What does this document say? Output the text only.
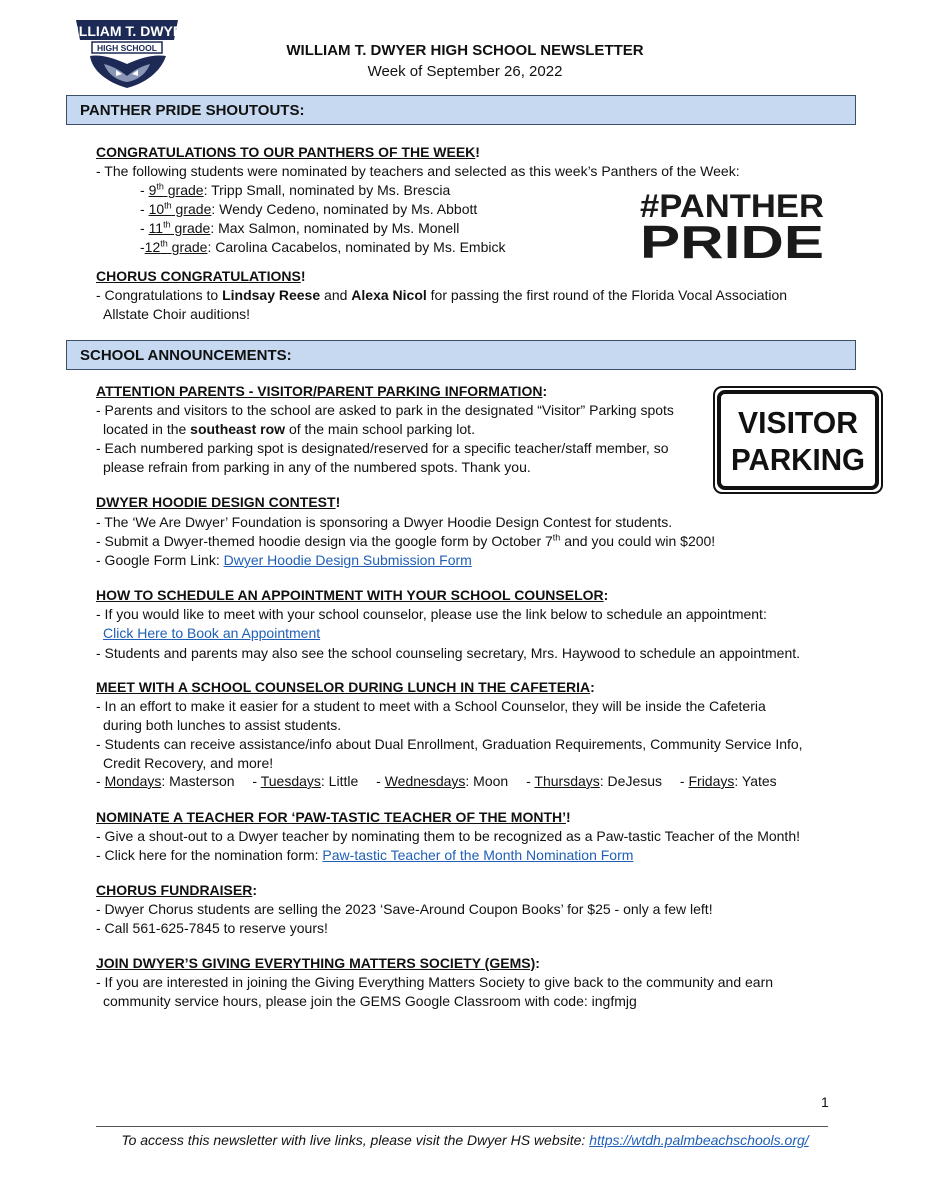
WILLIAM T. DWYER
HIGH SCHOOL	WILLIAM T. DWYER HIGH SCHOOL NEWSLETTER
Week of September 26, 2022
PANTHER PRIDE SHOUTOUTS:
CONGRATULATIONS TO OUR PANTHERS OF THE WEEK!
- The following students were nominated by teachers and selected as this week’s Panthers of the Week:
- 9th grade: Tripp Small, nominated by Ms. Brescia
- 10th grade: Wendy Cedeno, nominated by Ms. Abbott
- 11th grade: Max Salmon, nominated by Ms. Monell
-12th grade: Carolina Cacabelos, nominated by Ms. Embick
#PANTHER
PRIDE
CHORUS CONGRATULATIONS!
- Congratulations to Lindsay Reese and Alexa Nicol for passing the first round of the Florida Vocal Association
Allstate Choir auditions!
SCHOOL ANNOUNCEMENTS:
ATTENTION PARENTS - VISITOR/PARENT PARKING INFORMATION:
- Parents and visitors to the school are asked to park in the designated “Visitor” Parking spots
located in the southeast row of the main school parking lot.
- Each numbered parking spot is designated/reserved for a specific teacher/staff member, so
please refrain from parking in any of the numbered spots. Thank you.
VISITOR
PARKING
DWYER HOODIE DESIGN CONTEST!
- The ‘We Are Dwyer’ Foundation is sponsoring a Dwyer Hoodie Design Contest for students.
- Submit a Dwyer-themed hoodie design via the google form by October 7th and you could win $200!
- Google Form Link: Dwyer Hoodie Design Submission Form
HOW TO SCHEDULE AN APPOINTMENT WITH YOUR SCHOOL COUNSELOR:
- If you would like to meet with your school counselor, please use the link below to schedule an appointment:
Click Here to Book an Appointment
- Students and parents may also see the school counseling secretary, Mrs. Haywood to schedule an appointment.
MEET WITH A SCHOOL COUNSELOR DURING LUNCH IN THE CAFETERIA:
- In an effort to make it easier for a student to meet with a School Counselor, they will be inside the Cafeteria
during both lunches to assist students.
- Students can receive assistance/info about Dual Enrollment, Graduation Requirements, Community Service Info,
Credit Recovery, and more!
- Mondays: Masterson - Tuesdays: Little - Wednesdays: Moon - Thursdays: DeJesus - Fridays: Yates
NOMINATE A TEACHER FOR ‘PAW-TASTIC TEACHER OF THE MONTH’!
- Give a shout-out to a Dwyer teacher by nominating them to be recognized as a Paw-tastic Teacher of the Month!
- Click here for the nomination form: Paw-tastic Teacher of the Month Nomination Form
CHORUS FUNDRAISER:
- Dwyer Chorus students are selling the 2023 ‘Save-Around Coupon Books’ for $25 - only a few left!
- Call 561-625-7845 to reserve yours!
JOIN DWYER’S GIVING EVERYTHING MATTERS SOCIETY (GEMS):
- If you are interested in joining the Giving Everything Matters Society to give back to the community and earn
community service hours, please join the GEMS Google Classroom with code: ingfmjg
1
To access this newsletter with live links, please visit the Dwyer HS website: https://wtdh.palmbeachschools.org/
